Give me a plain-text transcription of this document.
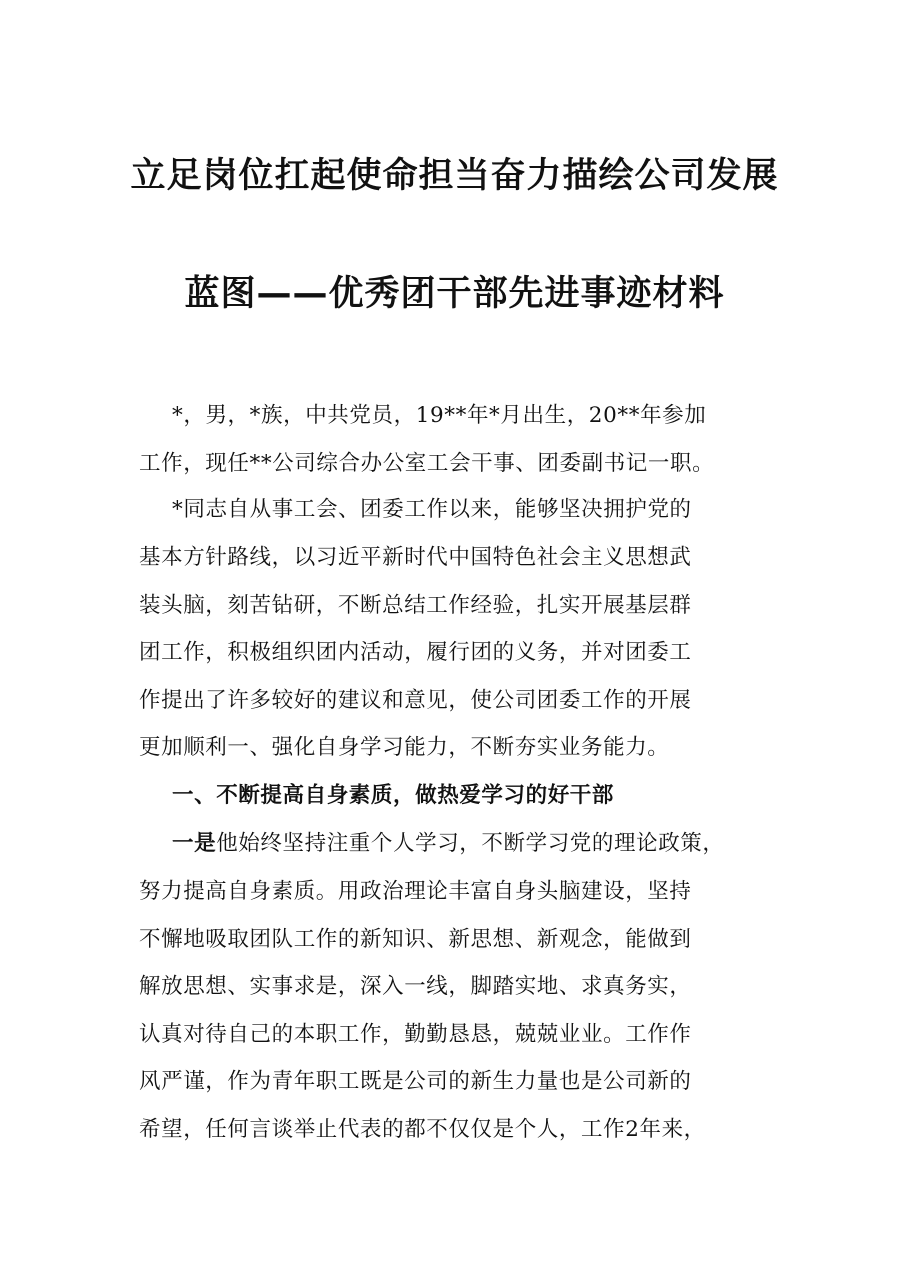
立足岗位扛起使命担当奋力描绘公司发展
蓝图——优秀团干部先进事迹材料
*，男，*族，中共党员，19**年*月出生，20**年参加
工作，现任**公司综合办公室工会干事、团委副书记一职。
*同志自从事工会、团委工作以来，能够坚决拥护党的
基本方针路线，以习近平新时代中国特色社会主义思想武
装头脑，刻苦钻研，不断总结工作经验，扎实开展基层群
团工作，积极组织团内活动，履行团的义务，并对团委工
作提出了许多较好的建议和意见，使公司团委工作的开展
更加顺利一、强化自身学习能力，不断夯实业务能力。
一、不断提高自身素质，做热爱学习的好干部
一是他始终坚持注重个人学习，不断学习党的理论政策，
努力提高自身素质。用政治理论丰富自身头脑建设，坚持
不懈地吸取团队工作的新知识、新思想、新观念，能做到
解放思想、实事求是，深入一线，脚踏实地、求真务实，
认真对待自己的本职工作，勤勤恳恳，兢兢业业。工作作
风严谨，作为青年职工既是公司的新生力量也是公司新的
希望，任何言谈举止代表的都不仅仅是个人，工作2年来，
